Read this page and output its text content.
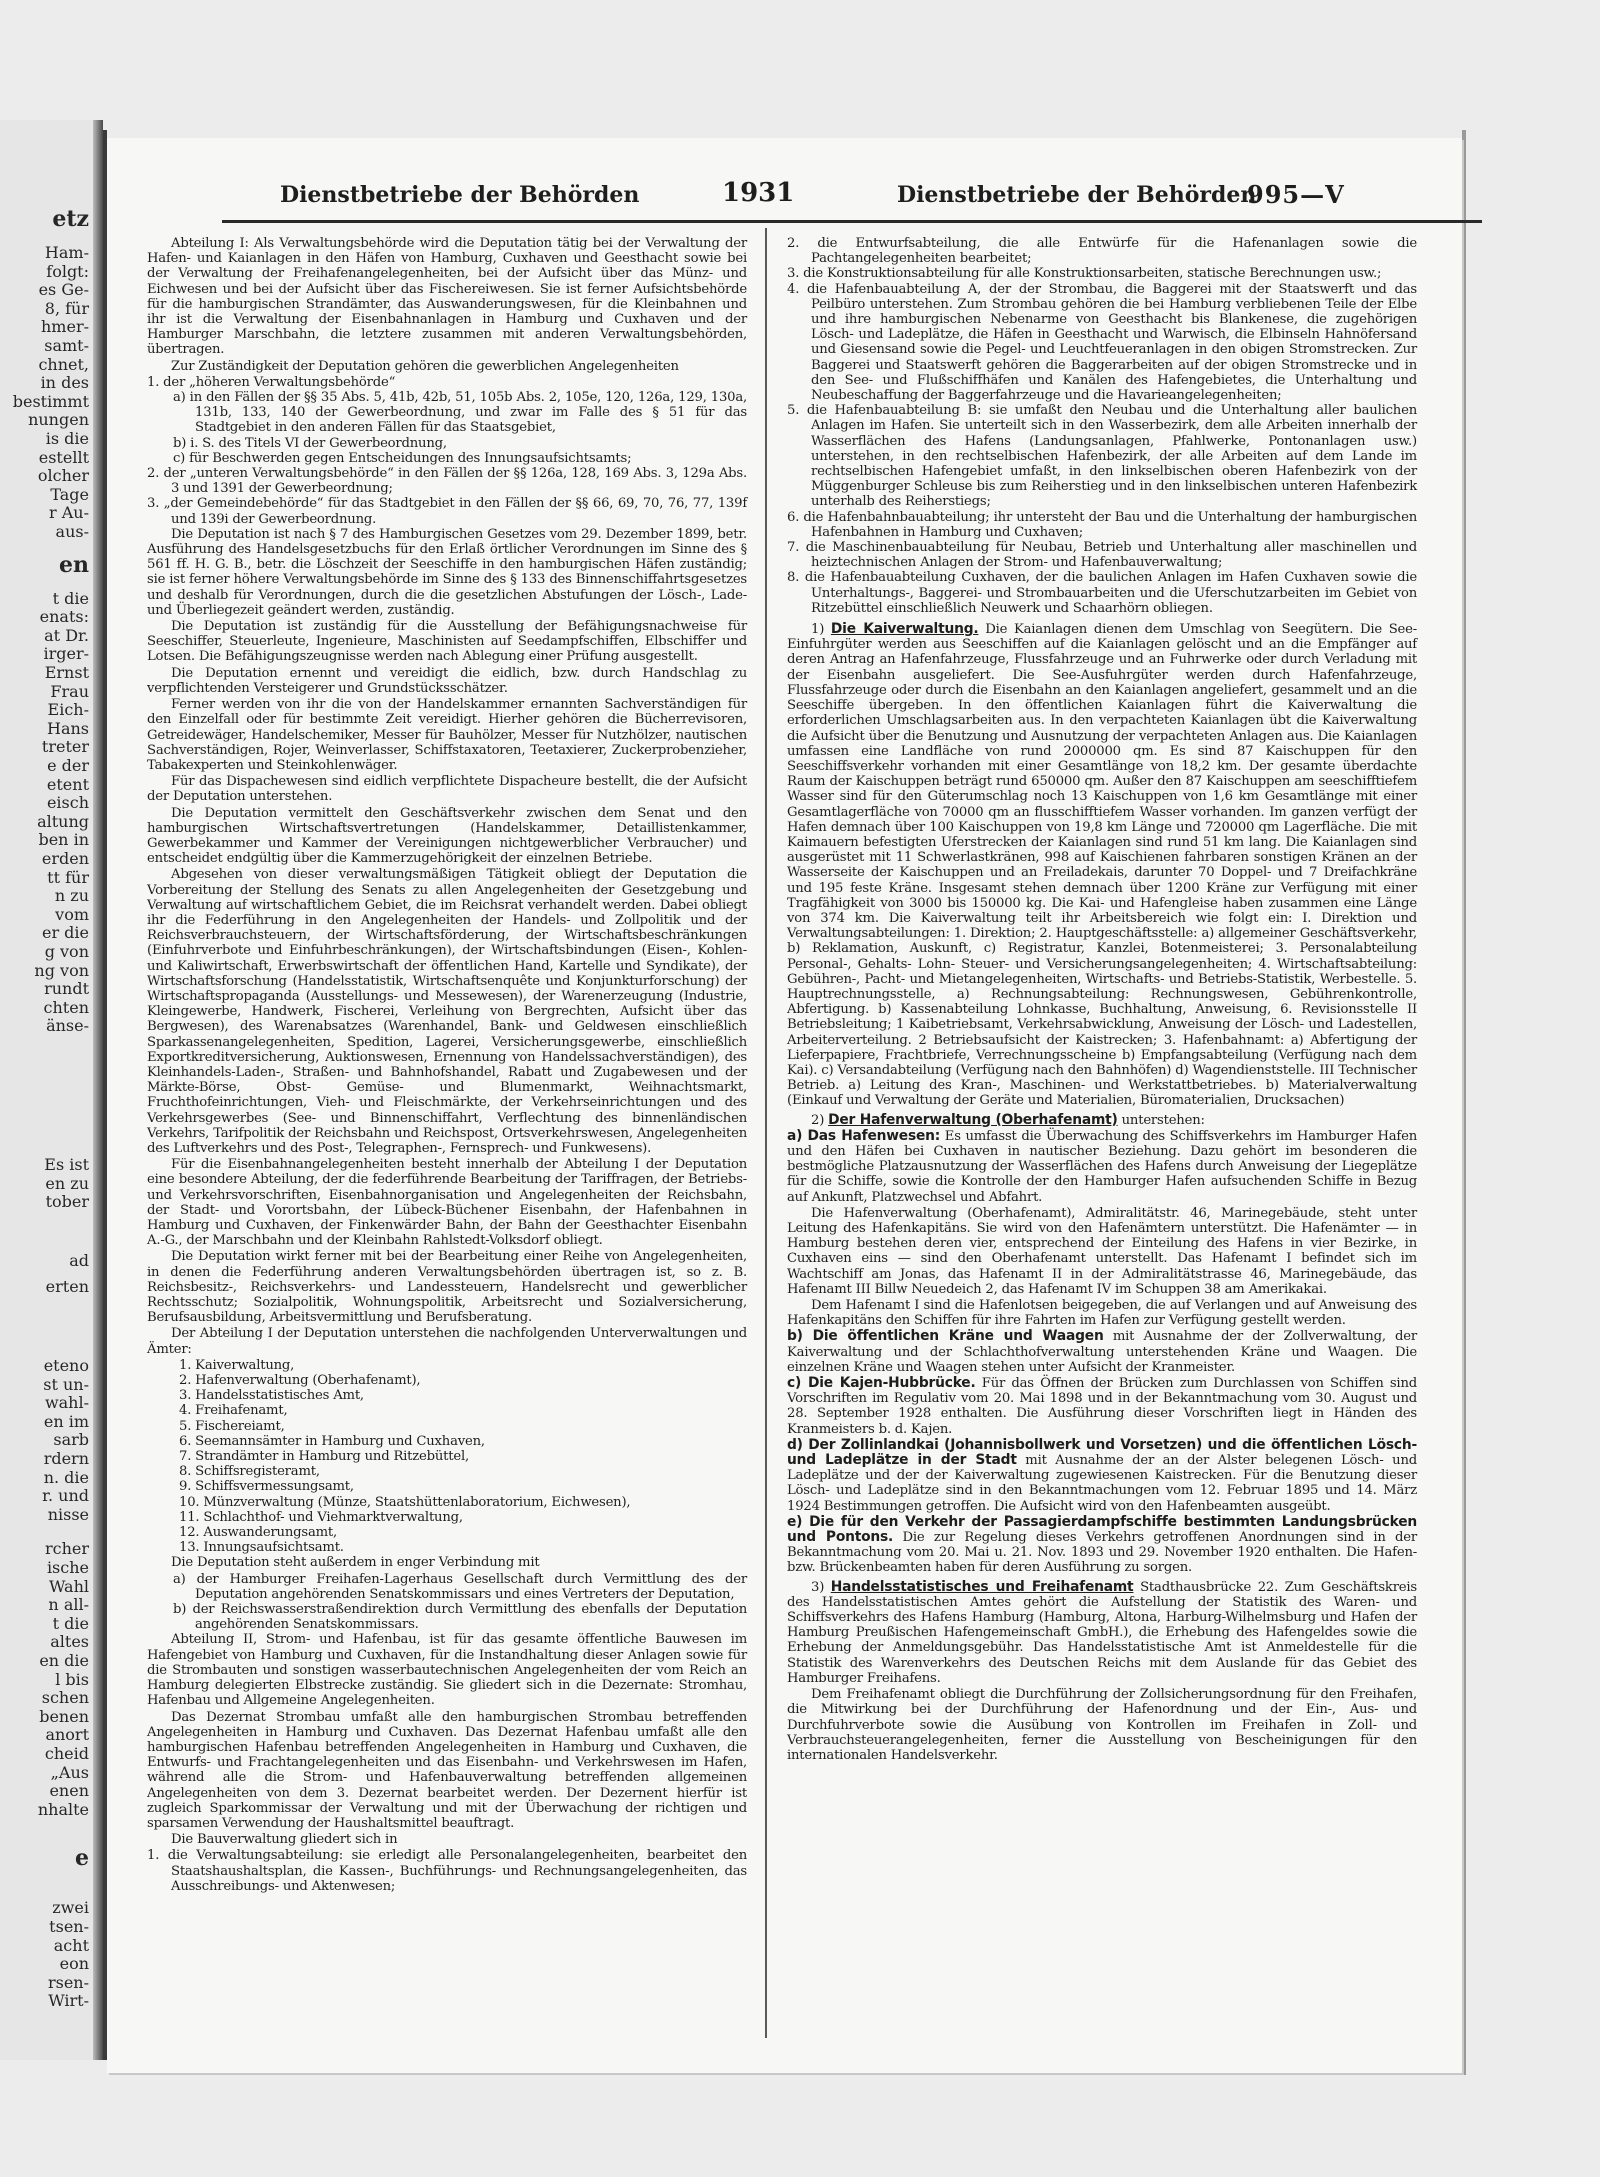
etz
Ham-
folgt:
es Ge-
8, für
hmer-
samt-
chnet,
in des
bestimmt
nungen
is die
estellt
olcher
Tage
r Au-
aus-
en
t die
enats:
at Dr.
irger-
Ernst
Frau
Eich-
Hans
treter
e der
etent
eisch
altung
ben in
erden
tt für
n zu
vom
er die
g von
ng von
rundt
chten
änse-
Es ist
en zu
tober
ad
erten
eteno
st un-
wahl-
en im
sarb
rdern
n. die
r. und
nisse
rcher
ische
Wahl
n all-
t die
altes
en die
l bis
schen
benen
anort
cheid
„Aus
enen
nhalte
e
zwei
tsen-
acht
eon
rsen-
Wirt-
Dienstbetriebe der Behörden	1931	Dienstbetriebe der Behörden
995—V

Abteilung I: Als Verwaltungsbehörde wird die Deputation tätig bei der Verwaltung der Hafen- und Kaianlagen in den Häfen von Hamburg, Cuxhaven und Geesthacht sowie bei der Verwaltung der Freihafenangelegenheiten, bei der Aufsicht über das Münz- und Eichwesen und bei der Aufsicht über das Fischereiwesen. Sie ist ferner Aufsichtsbehörde für die hamburgischen Strandämter, das Auswanderungswesen, für die Kleinbahnen und ihr ist die Verwaltung der Eisenbahnanlagen in Hamburg und Cuxhaven und der Hamburger Marschbahn, die letztere zusammen mit anderen Verwaltungsbehörden, übertragen.

Zur Zuständigkeit der Deputation gehören die gewerblichen Angelegenheiten

1. der „höheren Verwaltungsbehörde“

a) in den Fällen der §§ 35 Abs. 5, 41b, 42b, 51, 105b Abs. 2, 105e, 120, 126a, 129, 130a, 131b, 133, 140 der Gewerbeordnung, und zwar im Falle des § 51 für das Stadtgebiet in den anderen Fällen für das Staatsgebiet,

b) i. S. des Titels VI der Gewerbeordnung,

c) für Beschwerden gegen Entscheidungen des Innungsaufsichtsamts;

2. der „unteren Verwaltungsbehörde“ in den Fällen der §§ 126a, 128, 169 Abs. 3, 129a Abs. 3 und 1391 der Gewerbeordnung;

3. „der Gemeindebehörde“ für das Stadtgebiet in den Fällen der §§ 66, 69, 70, 76, 77, 139f und 139i der Gewerbeordnung.

Die Deputation ist nach § 7 des Hamburgischen Gesetzes vom 29. Dezember 1899, betr. Ausführung des Handelsgesetzbuchs für den Erlaß örtlicher Verordnungen im Sinne des § 561 ff. H. G. B., betr. die Löschzeit der Seeschiffe in den hamburgischen Häfen zuständig; sie ist ferner höhere Verwaltungsbehörde im Sinne des § 133 des Binnenschiffahrtsgesetzes und deshalb für Verordnungen, durch die die gesetzlichen Abstufungen der Lösch-, Lade- und Überliegezeit geändert werden, zuständig.

Die Deputation ist zuständig für die Ausstellung der Befähigungsnachweise für Seeschiffer, Steuerleute, Ingenieure, Maschinisten auf Seedampfschiffen, Elbschiffer und Lotsen. Die Befähigungszeugnisse werden nach Ablegung einer Prüfung ausgestellt.

Die Deputation ernennt und vereidigt die eidlich, bzw. durch Handschlag zu verpflichtenden Versteigerer und Grundstücksschätzer.

Ferner werden von ihr die von der Handelskammer ernannten Sachverständigen für den Einzelfall oder für bestimmte Zeit vereidigt. Hierher gehören die Bücherrevisoren, Getreidewäger, Handelschemiker, Messer für Bauhölzer, Messer für Nutzhölzer, nautischen Sachverständigen, Rojer, Weinverlasser, Schiffstaxatoren, Teetaxierer, Zuckerprobenzieher, Tabakexperten und Steinkohlenwäger.

Für das Dispachewesen sind eidlich verpflichtete Dispacheure bestellt, die der Aufsicht der Deputation unterstehen.

Die Deputation vermittelt den Geschäftsverkehr zwischen dem Senat und den hamburgischen Wirtschaftsvertretungen (Handelskammer, Detaillistenkammer, Gewerbekammer und Kammer der Vereinigungen nichtgewerblicher Verbraucher) und entscheidet endgültig über die Kammerzugehörigkeit der einzelnen Betriebe.

Abgesehen von dieser verwaltungsmäßigen Tätigkeit obliegt der Deputation die Vorbereitung der Stellung des Senats zu allen Angelegenheiten der Gesetzgebung und Verwaltung auf wirtschaftlichem Gebiet, die im Reichsrat verhandelt werden. Dabei obliegt ihr die Federführung in den Angelegenheiten der Handels- und Zollpolitik und der Reichsverbrauchsteuern, der Wirtschaftsförderung, der Wirtschaftsbeschränkungen (Einfuhrverbote und Einfuhrbeschränkungen), der Wirtschaftsbindungen (Eisen-, Kohlen- und Kaliwirtschaft, Erwerbswirtschaft der öffentlichen Hand, Kartelle und Syndikate), der Wirtschaftsforschung (Handelsstatistik, Wirtschaftsenquête und Konjunkturforschung) der Wirtschaftspropaganda (Ausstellungs- und Messewesen), der Warenerzeugung (Industrie, Kleingewerbe, Handwerk, Fischerei, Verleihung von Bergrechten, Aufsicht über das Bergwesen), des Warenabsatzes (Warenhandel, Bank- und Geldwesen einschließlich Sparkassenangelegenheiten, Spedition, Lagerei, Versicherungsgewerbe, einschließlich Exportkreditversicherung, Auktionswesen, Ernennung von Handelssachverständigen), des Kleinhandels-Laden-, Straßen- und Bahnhofshandel, Rabatt und Zugabewesen und der Märkte-Börse, Obst- Gemüse- und Blumenmarkt, Weihnachtsmarkt, Fruchthofeinrichtungen, Vieh- und Fleischmärkte, der Verkehrseinrichtungen und des Verkehrsgewerbes (See- und Binnenschiffahrt, Verflechtung des binnenländischen Verkehrs, Tarifpolitik der Reichsbahn und Reichspost, Ortsverkehrswesen, Angelegenheiten des Luftverkehrs und des Post-, Telegraphen-, Fernsprech- und Funkwesens).

Für die Eisenbahnangelegenheiten besteht innerhalb der Abteilung I der Deputation eine besondere Abteilung, der die federführende Bearbeitung der Tariffragen, der Betriebs- und Verkehrsvorschriften, Eisenbahnorganisation und Angelegenheiten der Reichsbahn, der Stadt- und Vorortsbahn, der Lübeck-Büchener Eisenbahn, der Hafenbahnen in Hamburg und Cuxhaven, der Finkenwärder Bahn, der Bahn der Geesthachter Eisenbahn A.-G., der Marschbahn und der Kleinbahn Rahlstedt-Volksdorf obliegt.

Die Deputation wirkt ferner mit bei der Bearbeitung einer Reihe von Angelegenheiten, in denen die Federführung anderen Verwaltungsbehörden übertragen ist, so z. B. Reichsbesitz-, Reichsverkehrs- und Landessteuern, Handelsrecht und gewerblicher Rechtsschutz; Sozialpolitik, Wohnungspolitik, Arbeitsrecht und Sozialversicherung, Berufsausbildung, Arbeitsvermittlung und Berufsberatung.

Der Abteilung I der Deputation unterstehen die nachfolgenden Unterverwaltungen und Ämter:

1. Kaiverwaltung,

2. Hafenverwaltung (Oberhafenamt),

3. Handelsstatistisches Amt,

4. Freihafenamt,

5. Fischereiamt,

6. Seemannsämter in Hamburg und Cuxhaven,

7. Strandämter in Hamburg und Ritzebüttel,

8. Schiffsregisteramt,

9. Schiffsvermessungsamt,

10. Münzverwaltung (Münze, Staatshüttenlaboratorium, Eichwesen),

11. Schlachthof- und Viehmarktverwaltung,

12. Auswanderungsamt,

13. Innungsaufsichtsamt.

Die Deputation steht außerdem in enger Verbindung mit

a) der Hamburger Freihafen-Lagerhaus Gesellschaft durch Vermittlung des der Deputation angehörenden Senatskommissars und eines Vertreters der Deputation,

b) der Reichswasserstraßendirektion durch Vermittlung des ebenfalls der Deputation angehörenden Senatskommissars.

Abteilung II, Strom- und Hafenbau, ist für das gesamte öffentliche Bauwesen im Hafengebiet von Hamburg und Cuxhaven, für die Instandhaltung dieser Anlagen sowie für die Strombauten und sonstigen wasserbautechnischen Angelegenheiten der vom Reich an Hamburg delegierten Elbstrecke zuständig. Sie gliedert sich in die Dezernate: Stromhau, Hafenbau und Allgemeine Angelegenheiten.

Das Dezernat Strombau umfaßt alle den hamburgischen Strombau betreffenden Angelegenheiten in Hamburg und Cuxhaven. Das Dezernat Hafenbau umfaßt alle den hamburgischen Hafenbau betreffenden Angelegenheiten in Hamburg und Cuxhaven, die Entwurfs- und Frachtangelegenheiten und das Eisenbahn- und Verkehrswesen im Hafen, während alle die Strom- und Hafenbauverwaltung betreffenden allgemeinen Angelegenheiten von dem 3. Dezernat bearbeitet werden. Der Dezernent hierfür ist zugleich Sparkommissar der Verwaltung und mit der Überwachung der richtigen und sparsamen Verwendung der Haushaltsmittel beauftragt.

Die Bauverwaltung gliedert sich in

1. die Verwaltungsabteilung: sie erledigt alle Personalangelegenheiten, bearbeitet den Staatshaushaltsplan, die Kassen-, Buchführungs- und Rechnungsangelegenheiten, das Ausschreibungs- und Aktenwesen;

2. die Entwurfsabteilung, die alle Entwürfe für die Hafenanlagen sowie die Pachtangelegenheiten bearbeitet;

3. die Konstruktionsabteilung für alle Konstruktionsarbeiten, statische Berechnungen usw.;

4. die Hafenbauabteilung A, der der Strombau, die Baggerei mit der Staatswerft und das Peilbüro unterstehen. Zum Strombau gehören die bei Hamburg verbliebenen Teile der Elbe und ihre hamburgischen Nebenarme von Geesthacht bis Blankenese, die zugehörigen Lösch- und Ladeplätze, die Häfen in Geesthacht und Warwisch, die Elbinseln Hahnöfersand und Giesensand sowie die Pegel- und Leuchtfeueranlagen in den obigen Stromstrecken. Zur Baggerei und Staatswerft gehören die Baggerarbeiten auf der obigen Stromstrecke und in den See- und Flußschiffhäfen und Kanälen des Hafengebietes, die Unterhaltung und Neubeschaffung der Baggerfahrzeuge und die Havarieangelegenheiten;

5. die Hafenbauabteilung B: sie umfaßt den Neubau und die Unterhaltung aller baulichen Anlagen im Hafen. Sie unterteilt sich in den Wasserbezirk, dem alle Arbeiten innerhalb der Wasserflächen des Hafens (Landungsanlagen, Pfahlwerke, Pontonanlagen usw.) unterstehen, in den rechtselbischen Hafenbezirk, der alle Arbeiten auf dem Lande im rechtselbischen Hafengebiet umfaßt, in den linkselbischen oberen Hafenbezirk von der Müggenburger Schleuse bis zum Reiherstieg und in den linkselbischen unteren Hafenbezirk unterhalb des Reiherstiegs;

6. die Hafenbahnbauabteilung; ihr untersteht der Bau und die Unterhaltung der hamburgischen Hafenbahnen in Hamburg und Cuxhaven;

7. die Maschinenbauabteilung für Neubau, Betrieb und Unterhaltung aller maschinellen und heiztechnischen Anlagen der Strom- und Hafenbauverwaltung;

8. die Hafenbauabteilung Cuxhaven, der die baulichen Anlagen im Hafen Cuxhaven sowie die Unterhaltungs-, Baggerei- und Strombauarbeiten und die Uferschutzarbeiten im Gebiet von Ritzebüttel einschließlich Neuwerk und Schaarhörn obliegen.

1) Die Kaiverwaltung. Die Kaianlagen dienen dem Umschlag von Seegütern. Die See-Einfuhrgüter werden aus Seeschiffen auf die Kaianlagen gelöscht und an die Empfänger auf deren Antrag an Hafenfahrzeuge, Flussfahrzeuge und an Fuhrwerke oder durch Verladung mit der Eisenbahn ausgeliefert. Die See-Ausfuhrgüter werden durch Hafenfahrzeuge, Flussfahrzeuge oder durch die Eisenbahn an den Kaianlagen angeliefert, gesammelt und an die Seeschiffe übergeben. In den öffentlichen Kaianlagen führt die Kaiverwaltung die erforderlichen Umschlagsarbeiten aus. In den verpachteten Kaianlagen übt die Kaiverwaltung die Aufsicht über die Benutzung und Ausnutzung der verpachteten Anlagen aus. Die Kaianlagen umfassen eine Landfläche von rund 2000000 qm. Es sind 87 Kaischuppen für den Seeschiffsverkehr vorhanden mit einer Gesamtlänge von 18,2 km. Der gesamte überdachte Raum der Kaischuppen beträgt rund 650000 qm. Außer den 87 Kaischuppen am seeschifftiefem Wasser sind für den Güterumschlag noch 13 Kaischuppen von 1,6 km Gesamtlänge mit einer Gesamtlagerfläche von 70000 qm an flusschifftiefem Wasser vorhanden. Im ganzen verfügt der Hafen demnach über 100 Kaischuppen von 19,8 km Länge und 720000 qm Lagerfläche. Die mit Kaimauern befestigten Uferstrecken der Kaianlagen sind rund 51 km lang. Die Kaianlagen sind ausgerüstet mit 11 Schwerlastkränen, 998 auf Kaischienen fahrbaren sonstigen Kränen an der Wasserseite der Kaischuppen und an Freiladekais, darunter 70 Doppel- und 7 Dreifachkräne und 195 feste Kräne. Insgesamt stehen demnach über 1200 Kräne zur Verfügung mit einer Tragfähigkeit von 3000 bis 150000 kg. Die Kai- und Hafengleise haben zusammen eine Länge von 374 km. Die Kaiverwaltung teilt ihr Arbeitsbereich wie folgt ein: I. Direktion und Verwaltungsabteilungen: 1. Direktion; 2. Hauptgeschäftsstelle: a) allgemeiner Geschäftsverkehr, b) Reklamation, Auskunft, c) Registratur, Kanzlei, Botenmeisterei; 3. Personalabteilung Personal-, Gehalts- Lohn- Steuer- und Versicherungsangelegenheiten; 4. Wirtschaftsabteilung: Gebühren-, Pacht- und Mietangelegenheiten, Wirtschafts- und Betriebs-Statistik, Werbestelle. 5. Hauptrechnungsstelle, a) Rechnungsabteilung: Rechnungswesen, Gebührenkontrolle, Abfertigung. b) Kassenabteilung Lohnkasse, Buchhaltung, Anweisung, 6. Revisionsstelle II Betriebsleitung; 1 Kaibetriebsamt, Verkehrsabwicklung, Anweisung der Lösch- und Ladestellen, Arbeiterverteilung. 2 Betriebsaufsicht der Kaistrecken; 3. Hafenbahnamt: a) Abfertigung der Lieferpapiere, Frachtbriefe, Verrechnungsscheine b) Empfangsabteilung (Verfügung nach dem Kai). c) Versandabteilung (Verfügung nach den Bahnhöfen) d) Wagendienststelle. III Technischer Betrieb. a) Leitung des Kran-, Maschinen- und Werkstattbetriebes. b) Materialverwaltung (Einkauf und Verwaltung der Geräte und Materialien, Büromaterialien, Drucksachen)

2) Der Hafenverwaltung (Oberhafenamt) unterstehen:

a) Das Hafenwesen: Es umfasst die Überwachung des Schiffsverkehrs im Hamburger Hafen und den Häfen bei Cuxhaven in nautischer Beziehung. Dazu gehört im besonderen die bestmögliche Platzausnutzung der Wasserflächen des Hafens durch Anweisung der Liegeplätze für die Schiffe, sowie die Kontrolle der den Hamburger Hafen aufsuchenden Schiffe in Bezug auf Ankunft, Platzwechsel und Abfahrt.

Die Hafenverwaltung (Oberhafenamt), Admiralitätstr. 46, Marinegebäude, steht unter Leitung des Hafenkapitäns. Sie wird von den Hafenämtern unterstützt. Die Hafenämter — in Hamburg bestehen deren vier, entsprechend der Einteilung des Hafens in vier Bezirke, in Cuxhaven eins — sind den Oberhafenamt unterstellt. Das Hafenamt I befindet sich im Wachtschiff am Jonas, das Hafenamt II in der Admiralitätstrasse 46, Marinegebäude, das Hafenamt III Billw Neuedeich 2, das Hafenamt IV im Schuppen 38 am Amerikakai.

Dem Hafenamt I sind die Hafenlotsen beigegeben, die auf Verlangen und auf Anweisung des Hafenkapitäns den Schiffen für ihre Fahrten im Hafen zur Verfügung gestellt werden.

b) Die öffentlichen Kräne und Waagen mit Ausnahme der der Zollverwaltung, der Kaiverwaltung und der Schlachthofverwaltung unterstehenden Kräne und Waagen. Die einzelnen Kräne und Waagen stehen unter Aufsicht der Kranmeister.

c) Die Kajen-Hubbrücke. Für das Öffnen der Brücken zum Durchlassen von Schiffen sind Vorschriften im Regulativ vom 20. Mai 1898 und in der Bekanntmachung vom 30. August und 28. September 1928 enthalten. Die Ausführung dieser Vorschriften liegt in Händen des Kranmeisters b. d. Kajen.

d) Der Zollinlandkai (Johannisbollwerk und Vorsetzen) und die öffentlichen Lösch- und Ladeplätze in der Stadt mit Ausnahme der an der Alster belegenen Lösch- und Ladeplätze und der der Kaiverwaltung zugewiesenen Kaistrecken. Für die Benutzung dieser Lösch- und Ladeplätze sind in den Bekanntmachungen vom 12. Februar 1895 und 14. März 1924 Bestimmungen getroffen. Die Aufsicht wird von den Hafenbeamten ausgeübt.

e) Die für den Verkehr der Passagierdampfschiffe bestimmten Landungsbrücken und Pontons. Die zur Regelung dieses Verkehrs getroffenen Anordnungen sind in der Bekanntmachung vom 20. Mai u. 21. Nov. 1893 und 29. November 1920 enthalten. Die Hafen- bzw. Brückenbeamten haben für deren Ausführung zu sorgen.

3) Handelsstatistisches und Freihafenamt Stadthausbrücke 22. Zum Geschäftskreis des Handelsstatistischen Amtes gehört die Aufstellung der Statistik des Waren- und Schiffsverkehrs des Hafens Hamburg (Hamburg, Altona, Harburg-Wilhelmsburg und Hafen der Hamburg Preußischen Hafengemeinschaft GmbH.), die Erhebung des Hafengeldes sowie die Erhebung der Anmeldungsgebühr. Das Handelsstatistische Amt ist Anmeldestelle für die Statistik des Warenverkehrs des Deutschen Reichs mit dem Auslande für das Gebiet des Hamburger Freihafens.

Dem Freihafenamt obliegt die Durchführung der Zollsicherungsordnung für den Freihafen, die Mitwirkung bei der Durchführung der Hafenordnung und der Ein-, Aus- und Durchfuhrverbote sowie die Ausübung von Kontrollen im Freihafen in Zoll- und Verbrauchsteuerangelegenheiten, ferner die Ausstellung von Bescheinigungen für den internationalen Handelsverkehr.
